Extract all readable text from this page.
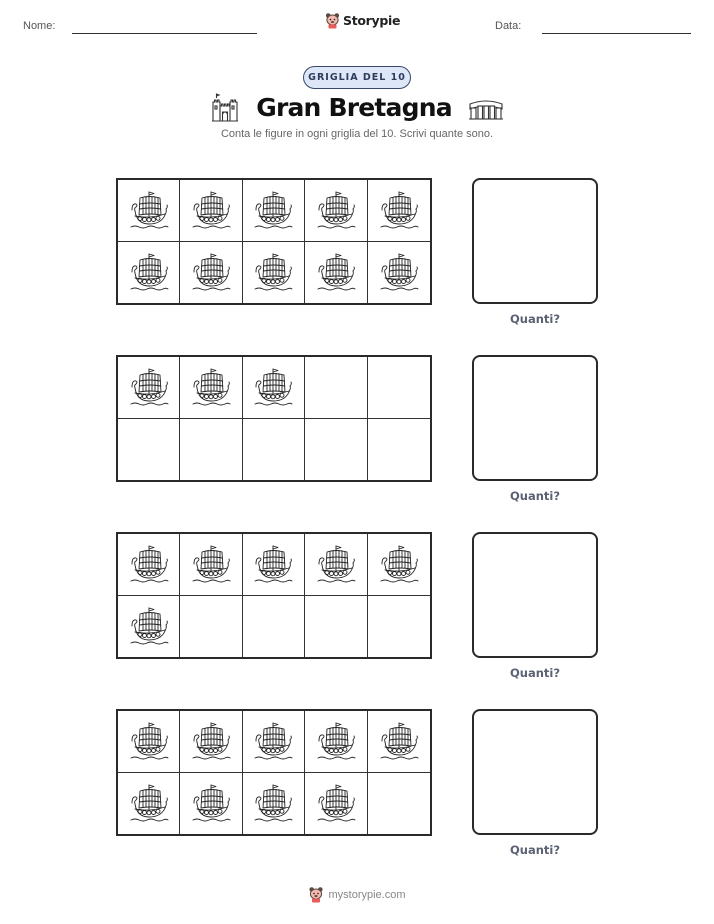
Nome:	Storypie	Data:
GRIGLIA DEL 10
Gran Bretagna
Conta le figure in ogni griglia del 10. Scrivi quante sono.
Quanti?
Quanti?
Quanti?
Quanti?
mystorypie.com
